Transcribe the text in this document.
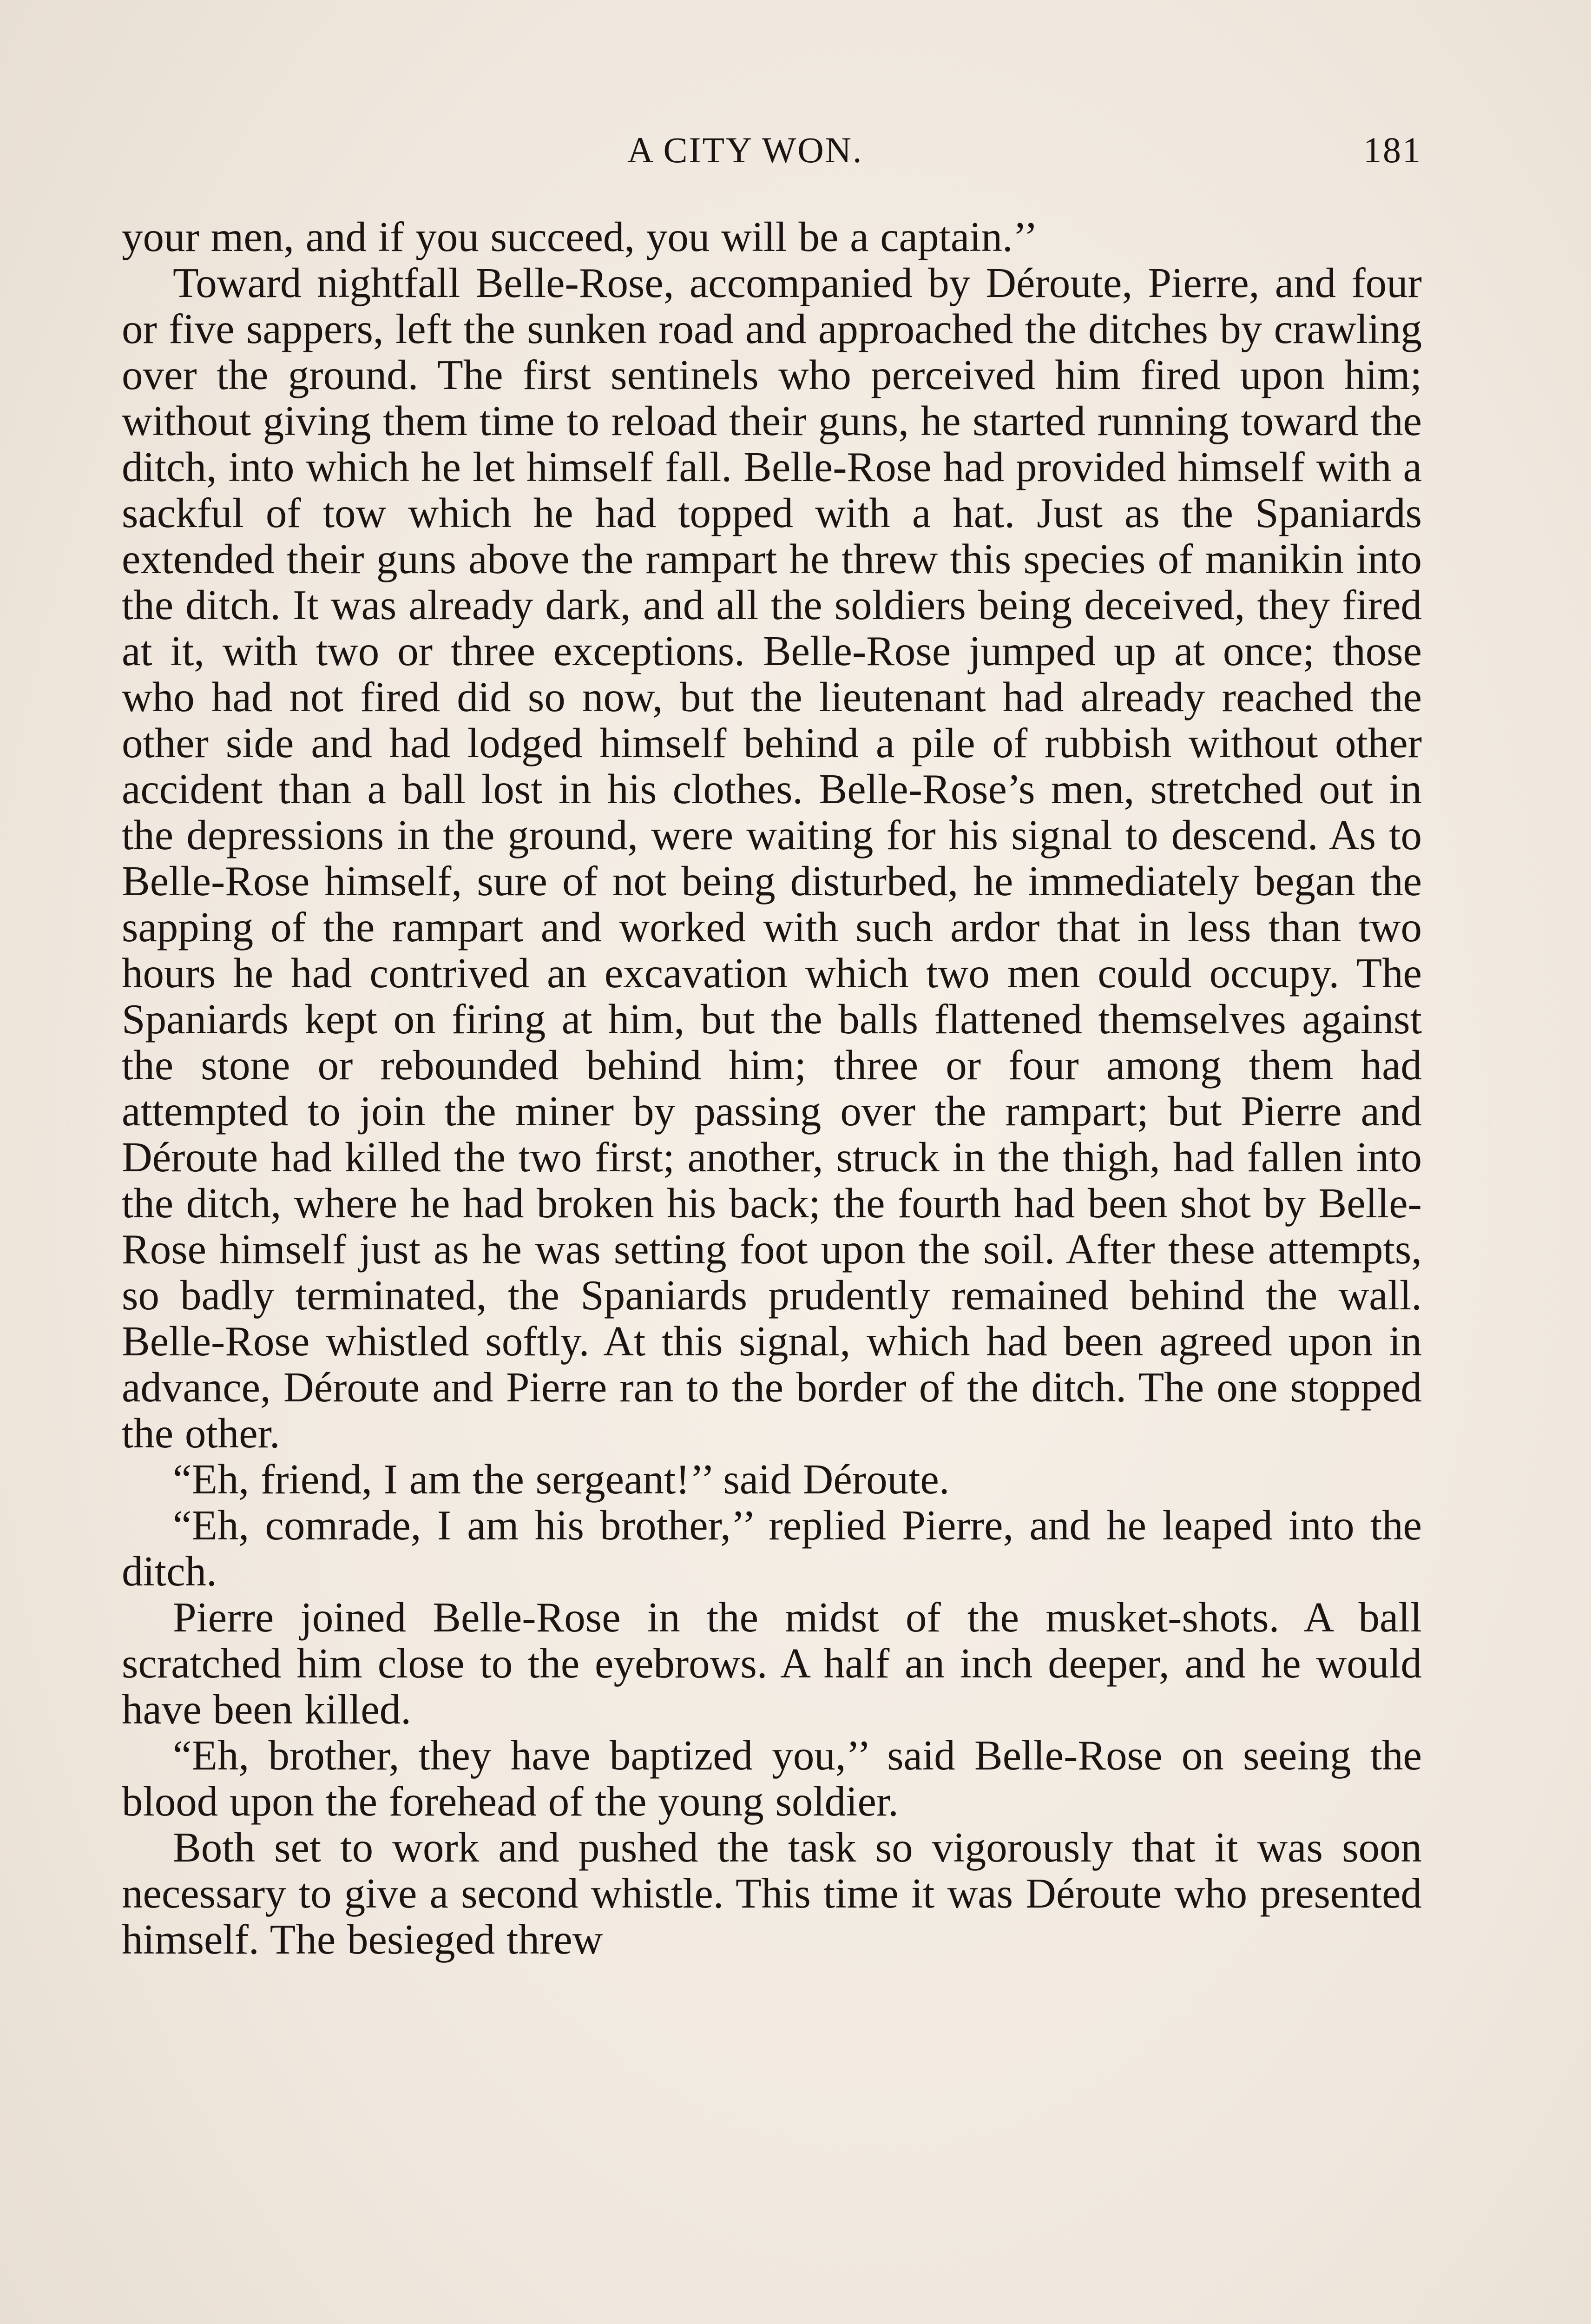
A CITY WON.	181

your men, and if you succeed, you will be a captain.’’

Toward nightfall Belle-Rose, accompanied by Déroute, Pierre, and four or five sappers, left the sunken road and approached the ditches by crawling over the ground. The first sentinels who perceived him fired upon him; without giving them time to reload their guns, he started running toward the ditch, into which he let himself fall. Belle-Rose had provided himself with a sackful of tow which he had topped with a hat. Just as the Spaniards extended their guns above the rampart he threw this species of manikin into the ditch. It was already dark, and all the soldiers being deceived, they fired at it, with two or three exceptions. Belle-Rose jumped up at once; those who had not fired did so now, but the lieutenant had already reached the other side and had lodged himself behind a pile of rubbish without other accident than a ball lost in his clothes. Belle-Rose’s men, stretched out in the depressions in the ground, were waiting for his signal to descend. As to Belle-Rose himself, sure of not being disturbed, he immediately began the sapping of the rampart and worked with such ardor that in less than two hours he had contrived an excavation which two men could occupy. The Spaniards kept on firing at him, but the balls flattened themselves against the stone or rebounded behind him; three or four among them had attempted to join the miner by passing over the rampart; but Pierre and Déroute had killed the two first; another, struck in the thigh, had fallen into the ditch, where he had broken his back; the fourth had been shot by Belle-Rose himself just as he was setting foot upon the soil. After these attempts, so badly terminated, the Spaniards prudently remained behind the wall. Belle-Rose whistled softly. At this signal, which had been agreed upon in advance, Déroute and Pierre ran to the border of the ditch. The one stopped the other.

“Eh, friend, I am the sergeant!’’ said Déroute.

“Eh, comrade, I am his brother,’’ replied Pierre, and he leaped into the ditch.

Pierre joined Belle-Rose in the midst of the musket-shots. A ball scratched him close to the eyebrows. A half an inch deeper, and he would have been killed.

“Eh, brother, they have baptized you,’’ said Belle-Rose on seeing the blood upon the forehead of the young soldier.

Both set to work and pushed the task so vigorously that it was soon necessary to give a second whistle. This time it was Déroute who presented himself. The besieged threw
